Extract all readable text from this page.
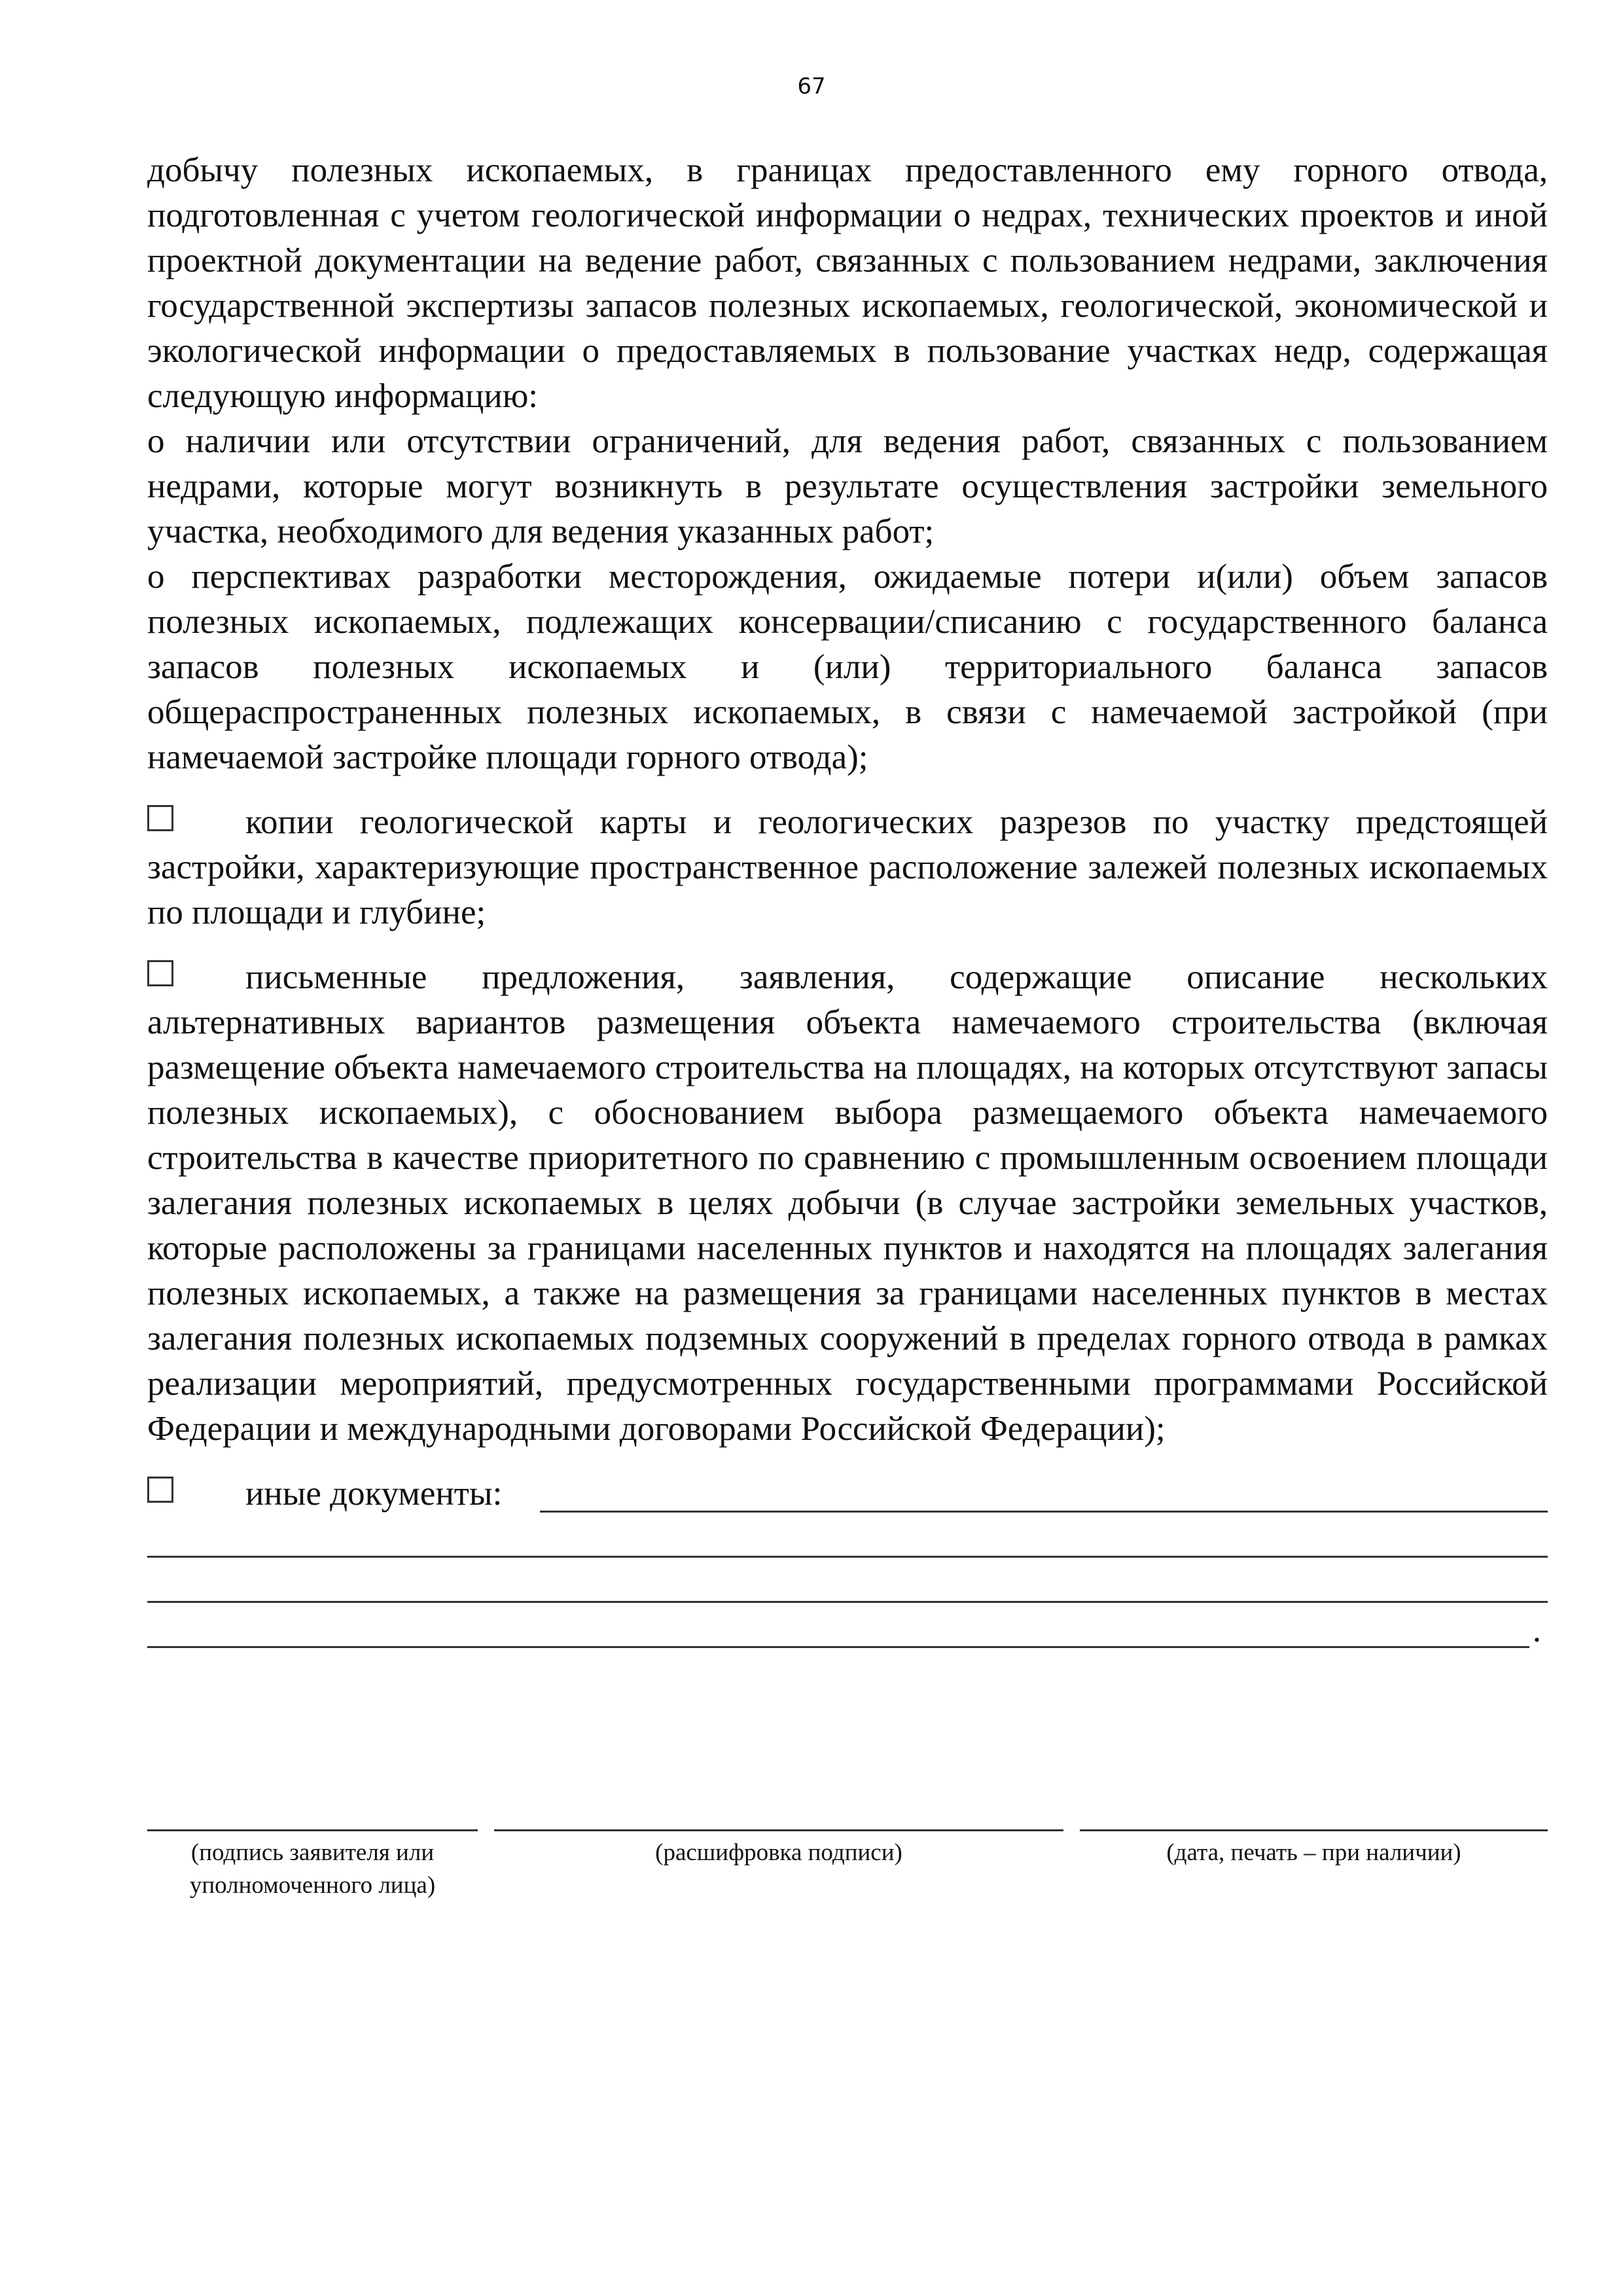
67

добычу полезных ископаемых, в границах предоставленного ему горного отвода, подготовленная с учетом геологической информации о недрах, технических проектов и иной проектной документации на ведение работ, связанных с пользованием недрами, заключения государственной экспертизы запасов полезных ископаемых, геологической, экономической и экологической информации о предоставляемых в пользование участках недр, содержащая следующую информацию:

о наличии или отсутствии ограничений, для ведения работ, связанных с пользованием недрами, которые могут возникнуть в результате осуществления застройки земельного участка, необходимого для ведения указанных работ;

о перспективах разработки месторождения, ожидаемые потери и(или) объем запасов полезных ископаемых, подлежащих консервации/списанию с государственного баланса запасов полезных ископаемых и (или) территориального баланса запасов общераспространенных полезных ископаемых, в связи с намечаемой застройкой (при намечаемой застройке площади горного отвода);

копии геологической карты и геологических разрезов по участку предстоящей застройки, характеризующие пространственное расположение залежей полезных ископаемых по площади и глубине;
письменные предложения, заявления, содержащие описание нескольких альтернативных вариантов размещения объекта намечаемого строительства (включая размещение объекта намечаемого строительства на площадях, на которых отсутствуют запасы полезных ископаемых), с обоснованием выбора размещаемого объекта намечаемого строительства в качестве приоритетного по сравнению с промышленным освоением площади залегания полезных ископаемых в целях добычи (в случае застройки земельных участков, которые расположены за границами населенных пунктов и находятся на площадях залегания полезных ископаемых, а также на размещения за границами населенных пунктов в местах залегания полезных ископаемых подземных сооружений в пределах горного отвода в рамках реализации мероприятий, предусмотренных государственными программами Российской Федерации и международными договорами Российской Федерации);
иные документы:
.
(подпись заявителя или уполномоченного лица)
(расшифровка подписи)	(дата, печать – при наличии)
